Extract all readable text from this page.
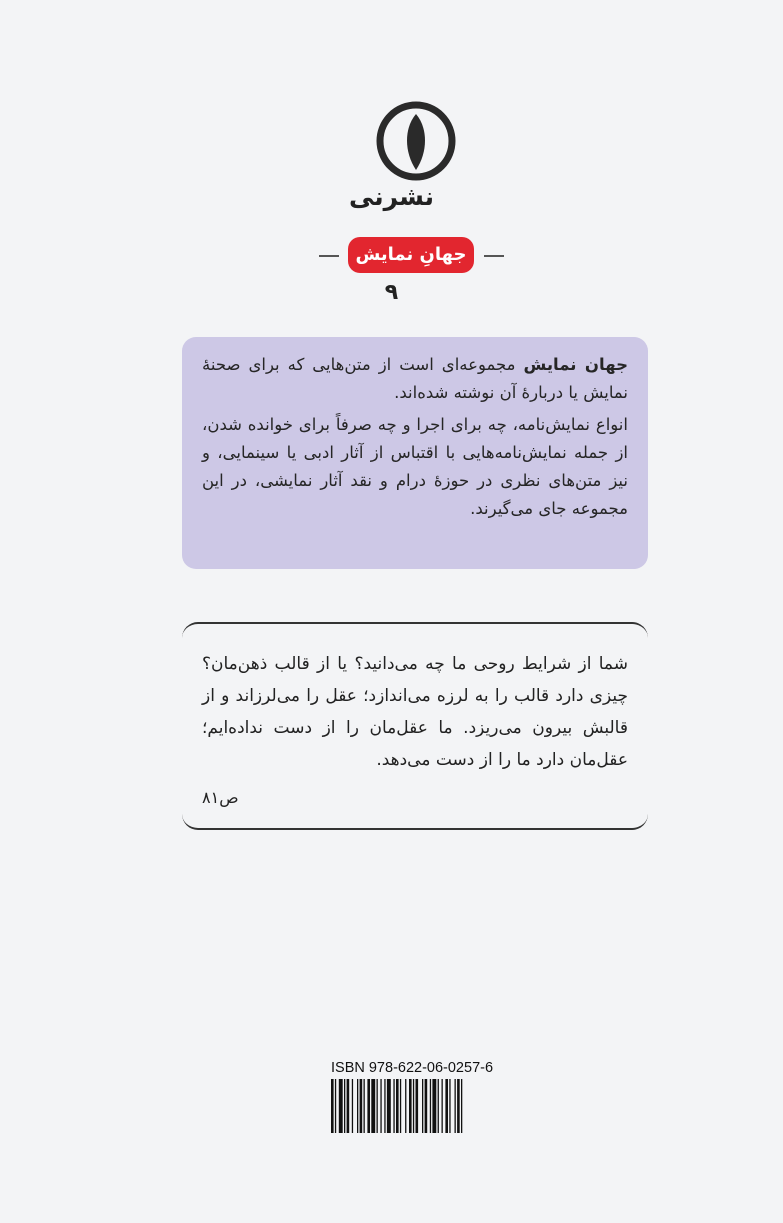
نشرنی
جهانِ نمایش
۹

جهان نمایش مجموعه‌ای است از متن‌هایی که برای صحنهٔ نمایش یا دربارهٔ آن نوشته شده‌اند.

انواع نمایش‌نامه، چه برای اجرا و چه صرفاً برای خوانده شدن، از جمله نمایش‌نامه‌هایی با اقتباس از آثار ادبی یا سینمایی، و نیز متن‌های نظری در حوزهٔ درام و نقد آثار نمایشی، در این مجموعه جای می‌گیرند.

شما از شرایط روحی ما چه می‌دانید؟ یا از قالب ذهن‌مان؟ چیزی دارد قالب را به لرزه می‌اندازد؛ عقل را می‌لرزاند و از قالبش بیرون می‌ریزد. ما عقل‌مان را از دست نداده‌ایم؛ عقل‌مان دارد ما را از دست می‌دهد.

ص۸۱
ISBN 978-622-06-0257-6
